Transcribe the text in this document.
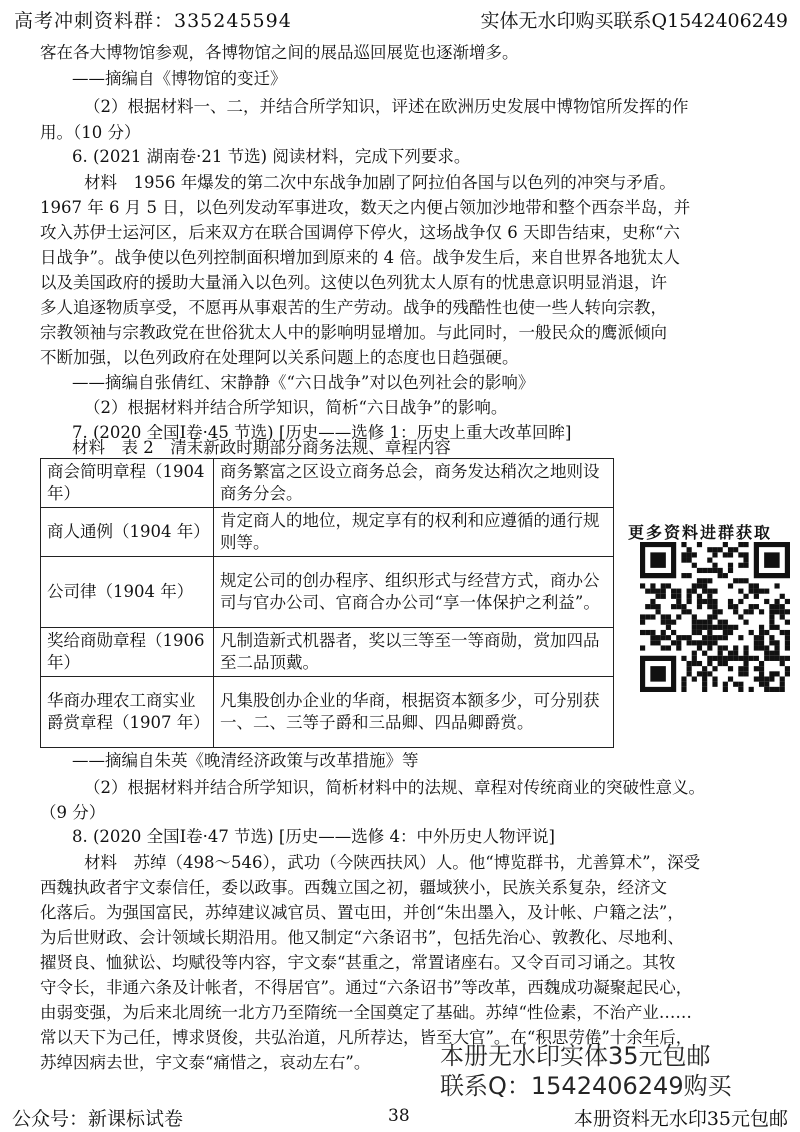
高考冲刺资料群：335245594	实体无水印购买联系Q1542406249
客在各大博物馆参观，各博物馆之间的展品巡回展览也逐渐增多。
——摘编自《博物馆的变迁》
（2）根据材料一、二，并结合所学知识，评述在欧洲历史发展中博物馆所发挥的作
用。（10 分）
6. (2021 湖南卷·21 节选) 阅读材料，完成下列要求。
材料　1956 年爆发的第二次中东战争加剧了阿拉伯各国与以色列的冲突与矛盾。
1967 年 6 月 5 日，以色列发动军事进攻，数天之内便占领加沙地带和整个西奈半岛，并
攻入苏伊士运河区，后来双方在联合国调停下停火，这场战争仅 6 天即告结束，史称“六
日战争”。战争使以色列控制面积增加到原来的 4 倍。战争发生后，来自世界各地犹太人
以及美国政府的援助大量涌入以色列。这使以色列犹太人原有的忧患意识明显消退，许
多人追逐物质享受，不愿再从事艰苦的生产劳动。战争的残酷性也使一些人转向宗教，
宗教领袖与宗教政党在世俗犹太人中的影响明显增加。与此同时，一般民众的鹰派倾向
不断加强，以色列政府在处理阿以关系问题上的态度也日趋强硬。
——摘编自张倩红、宋静静《“六日战争”对以色列社会的影响》
（2）根据材料并结合所学知识，简析“六日战争”的影响。
7. (2020 全国Ⅰ卷·45 节选) [历史——选修 1：历史上重大改革回眸]
材料　表 2　清末新政时期部分商务法规、章程内容
商会简明章程（1904 年）	商务繁富之区设立商务总会，商务发达稍次之地则设商务分会。
商人通例（1904 年）	肯定商人的地位，规定享有的权利和应遵循的通行规则等。
公司律（1904 年）	规定公司的创办程序、组织形式与经营方式，商办公司与官办公司、官商合办公司“享一体保护之利益”。
奖给商勋章程（1906 年）	凡制造新式机器者，奖以三等至一等商勋，赏加四品至二品顶戴。
华商办理农工商实业爵赏章程（1907 年）	凡集股创办企业的华商，根据资本额多少，可分别获一、二、三等子爵和三品卿、四品卿爵赏。
更多资料进群获取
——摘编自朱英《晚清经济政策与改革措施》等
（2）根据材料并结合所学知识，简析材料中的法规、章程对传统商业的突破性意义。
（9 分）
8. (2020 全国Ⅰ卷·47 节选) [历史——选修 4：中外历史人物评说]
材料　苏绰（498～546），武功（今陕西扶风）人。他“博览群书，尤善算术”，深受
西魏执政者宇文泰信任，委以政事。西魏立国之初，疆域狭小，民族关系复杂，经济文
化落后。为强国富民，苏绰建议减官员、置屯田，并创“朱出墨入，及计帐、户籍之法”，
为后世财政、会计领域长期沿用。他又制定“六条诏书”，包括先治心、敦教化、尽地利、
擢贤良、恤狱讼、均赋役等内容，宇文泰“甚重之，常置诸座右。又令百司习诵之。其牧
守令长，非通六条及计帐者，不得居官”。通过“六条诏书”等改革，西魏成功凝聚起民心，
由弱变强，为后来北周统一北方乃至隋统一全国奠定了基础。苏绰“性俭素，不治产业……
常以天下为己任，博求贤俊，共弘治道，凡所荐达，皆至大官”。在“积思劳倦”十余年后，
苏绰因病去世，宇文泰“痛惜之，哀动左右”。	本册无水印实体35元包邮
联系Q：1542406249购买
公众号：新课标试卷	38	本册资料无水印35元包邮
